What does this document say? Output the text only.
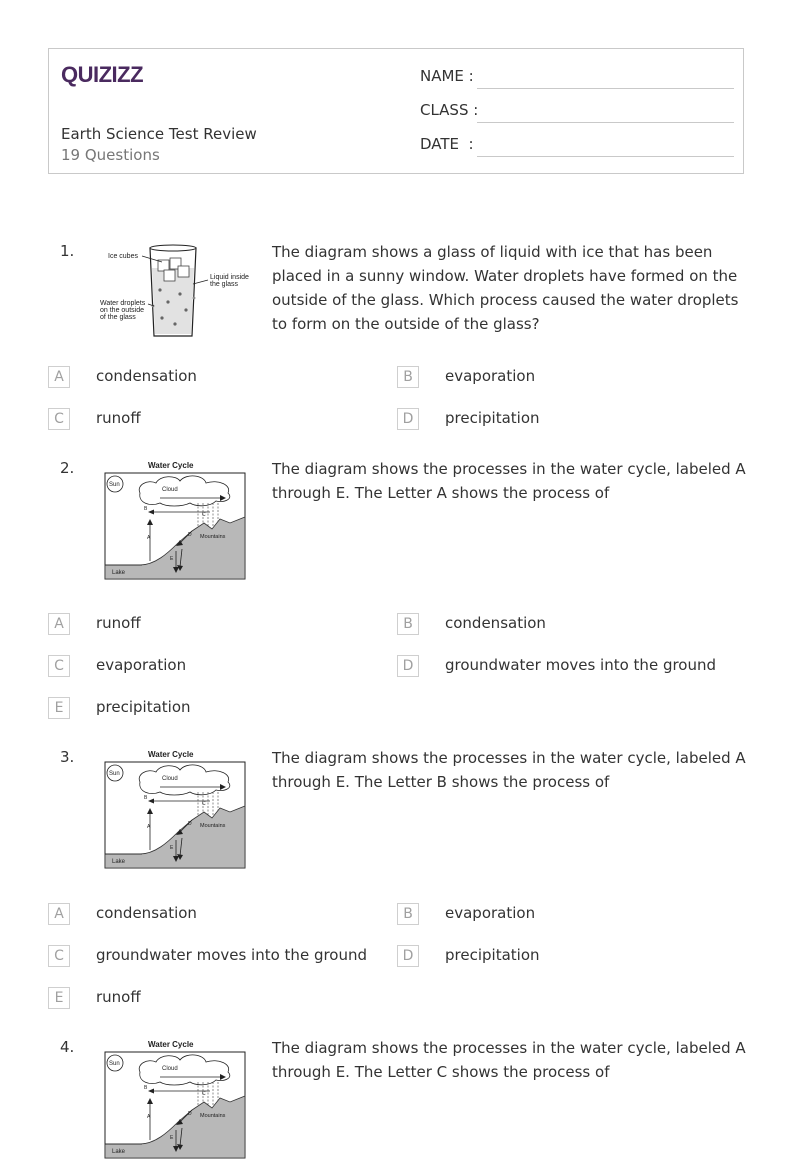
QUIZIZZ
Earth Science Test Review
19 Questions
NAME :
CLASS :
DATE  :
1.	Ice cubes
Liquid inside
the glass
Water droplets
on the outside
of the glass
The diagram shows a glass of liquid with ice that has been placed in a sunny window. Water droplets have formed on the outside of the glass. Which process caused the water droplets to form on the outside of the glass?
A	condensation	B	evaporation
C	runoff	D	precipitation
2.	Water Cycle
Sun
Cloud
B
C
Lake
Mountains
A	D
E
The diagram shows the processes in the water cycle, labeled A through E. The Letter A shows the process of
A	runoff	B	condensation
C	evaporation	D	groundwater moves into the ground
E	precipitation
3.	Water Cycle
Sun
Cloud
B
C
Lake
Mountains
A	D
E
The diagram shows the processes in the water cycle, labeled A through E. The Letter B shows the process of
A	condensation	B	evaporation
C	groundwater moves into the ground	D	precipitation
E	runoff
4.	Water Cycle
Sun
Cloud
B
C
Lake
Mountains
A	D
E
The diagram shows the processes in the water cycle, labeled A through E. The Letter C shows the process of
